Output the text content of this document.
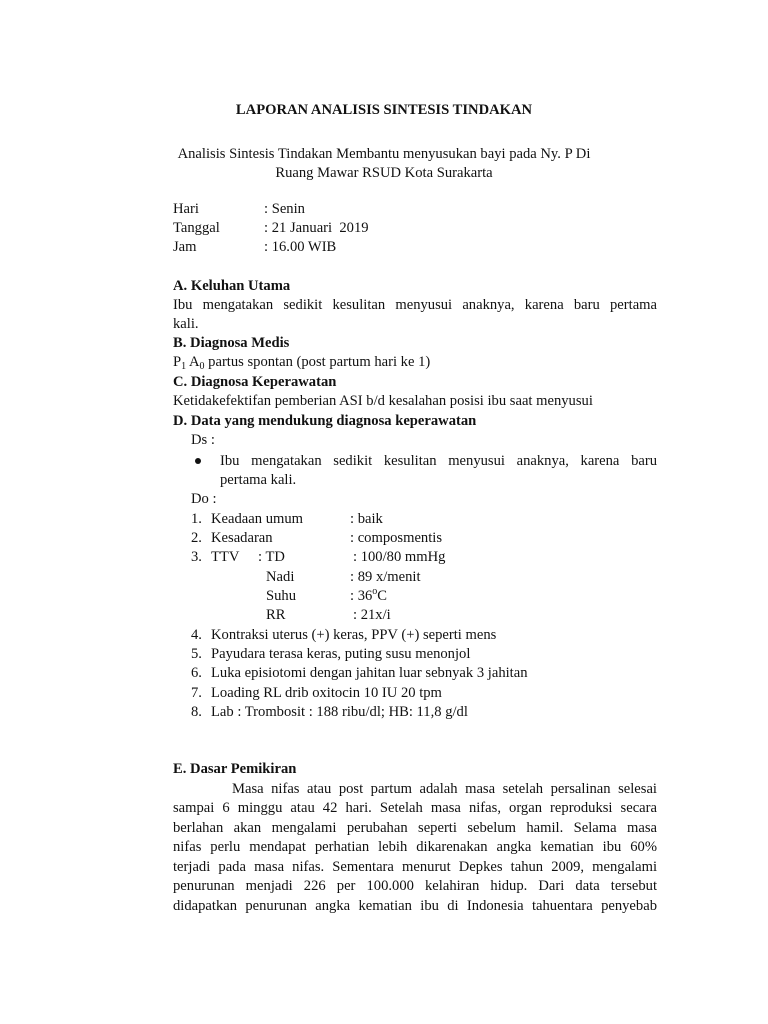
LAPORAN ANALISIS SINTESIS TINDAKAN
Analisis Sintesis Tindakan Membantu menyusukan bayi pada Ny. P Di
Ruang Mawar RSUD Kota Surakarta
Hari	: Senin
Tanggal	: 21 Januari  2019
Jam	: 16.00 WIB
A. Keluhan Utama
Ibu mengatakan sedikit kesulitan menyusui anaknya, karena baru pertama
kali.
B. Diagnosa Medis
$P_1$ $A_0$ partus spontan (post partum hari ke 1)
C. Diagnosa Keperawatan
Ketidakefektifan pemberian ASI b/d kesalahan posisi ibu saat menyusui
D. Data yang mendukung diagnosa keperawatan
Ds :
Ibu mengatakan sedikit kesulitan menyusui anaknya, karena baru
pertama kali.
Do :
1. Keadaan umum	: baik
2. Kesadaran	: composmentis
3. TTV : TD	: 100/80 mmHg
Nadi	: 89 x/menit
Suhu	: 36$^o$C
RR	: 21x/i
4. Kontraksi uterus (+) keras, PPV (+) seperti mens
5. Payudara terasa keras, puting susu menonjol
6. Luka episiotomi dengan jahitan luar sebnyak 3 jahitan
7. Loading RL drib oxitocin 10 IU 20 tpm
8. Lab : Trombosit : 188 ribu/dl; HB: 11,8 g/dl
E. Dasar Pemikiran
Masa nifas atau post partum adalah masa setelah persalinan selesai
sampai 6 minggu atau 42 hari. Setelah masa nifas, organ reproduksi secara
berlahan akan mengalami perubahan seperti sebelum hamil. Selama masa
nifas perlu mendapat perhatian lebih dikarenakan angka kematian ibu 60%
terjadi pada masa nifas. Sementara menurut Depkes tahun 2009, mengalami
penurunan menjadi 226 per 100.000 kelahiran hidup. Dari data tersebut
didapatkan penurunan angka kematian ibu di Indonesia tahuentara penyebab
